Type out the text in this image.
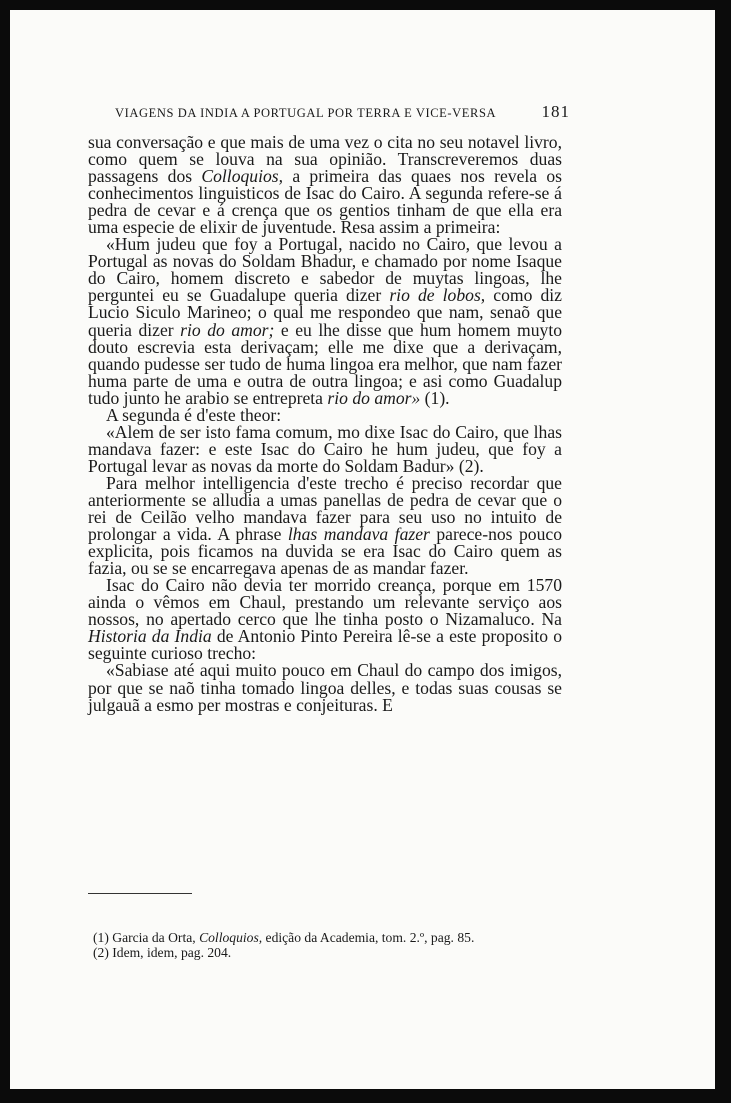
VIAGENS DA INDIA A PORTUGAL POR TERRA E VICE-VERSA	181

sua conversação e que mais de uma vez o cita no seu notavel livro, como quem se louva na sua opinião. Transcreveremos duas passagens dos Colloquios, a primeira das quaes nos revela os conhecimentos linguisticos de Isac do Cairo. A segunda refere-se á pedra de cevar e á crença que os gentios tinham de que ella era uma especie de elixir de juventude. Resa assim a primeira:

«Hum judeu que foy a Portugal, nacido no Cairo, que levou a Portugal as novas do Soldam Bhadur, e chamado por nome Isaque do Cairo, homem discreto e sabedor de muytas lingoas, lhe perguntei eu se Guadalupe queria dizer rio de lobos, como diz Lucio Siculo Marineo; o qual me respondeo que nam, senaõ que queria dizer rio do amor; e eu lhe disse que hum homem muyto douto escrevia esta derivaçam; elle me dixe que a derivaçam, quando pudesse ser tudo de huma lingoa era melhor, que nam fazer huma parte de uma e outra de outra lingoa; e asi como Guadalup tudo junto he arabio se entrepreta rio do amor» (1).

A segunda é d'este theor:

«Alem de ser isto fama comum, mo dixe Isac do Cairo, que lhas mandava fazer: e este Isac do Cairo he hum judeu, que foy a Portugal levar as novas da morte do Soldam Badur» (2).

Para melhor intelligencia d'este trecho é preciso recordar que anteriormente se alludia a umas panellas de pedra de cevar que o rei de Ceilão velho mandava fazer para seu uso no intuito de prolongar a vida. A phrase lhas mandava fazer parece-nos pouco explicita, pois ficamos na duvida se era Isac do Cairo quem as fazia, ou se se encarregava apenas de as mandar fazer.

Isac do Cairo não devia ter morrido creança, porque em 1570 ainda o vêmos em Chaul, prestando um relevante serviço aos nossos, no apertado cerco que lhe tinha posto o Nizamaluco. Na Historia da India de Antonio Pinto Pereira lê-se a este proposito o seguinte curioso trecho:

«Sabiase até aqui muito pouco em Chaul do campo dos imigos, por que se naõ tinha tomado lingoa delles, e todas suas cousas se julgauã a esmo per mostras e conjeituras. E

(1) Garcia da Orta, Colloquios, edição da Academia, tom. 2.º, pag. 85.
(2) Idem, idem, pag. 204.
